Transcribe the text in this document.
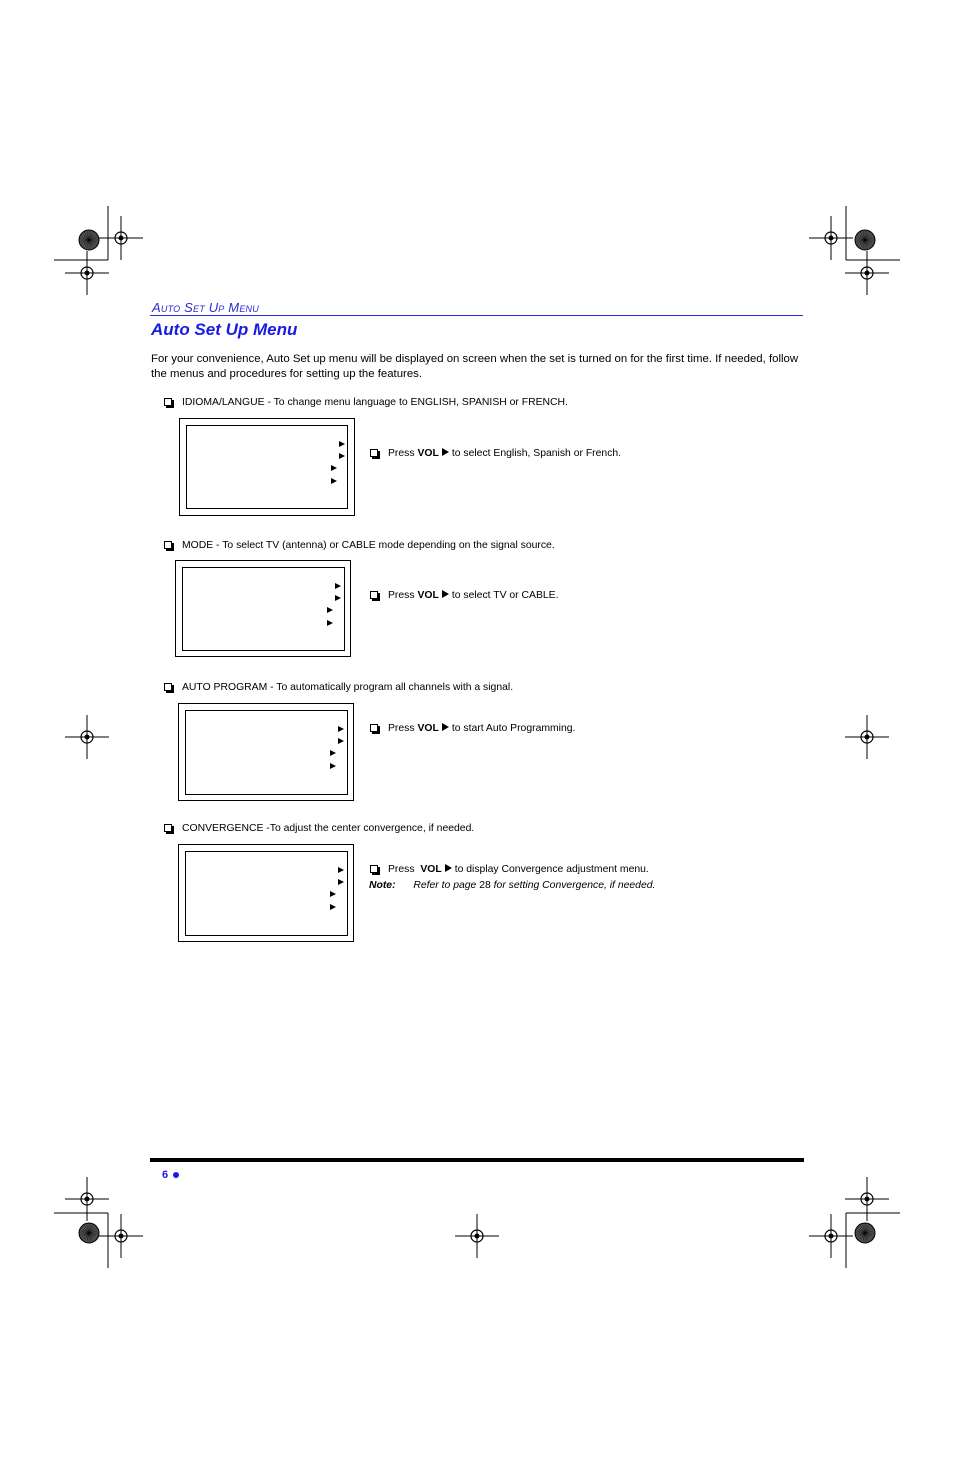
Auto Set Up Menu
Auto Set Up Menu
For your convenience, Auto Set up menu will be displayed on screen when the set is turned on for the first time. If needed, follow the menus and procedures for setting up the features.
IDIOMA/LANGUE - To change menu language to ENGLISH, SPANISH or FRENCH.
Press VOL to select English, Spanish or French.
MODE - To select TV (antenna) or CABLE mode depending on the signal source.
Press VOL to select TV or CABLE.
AUTO PROGRAM - To automatically program all channels with a signal.
Press VOL to start Auto Programming.
CONVERGENCE -To adjust the center convergence, if needed.
Press VOL to display Convergence adjustment menu.
Note: Refer to page 28 for setting Convergence, if needed.
6
